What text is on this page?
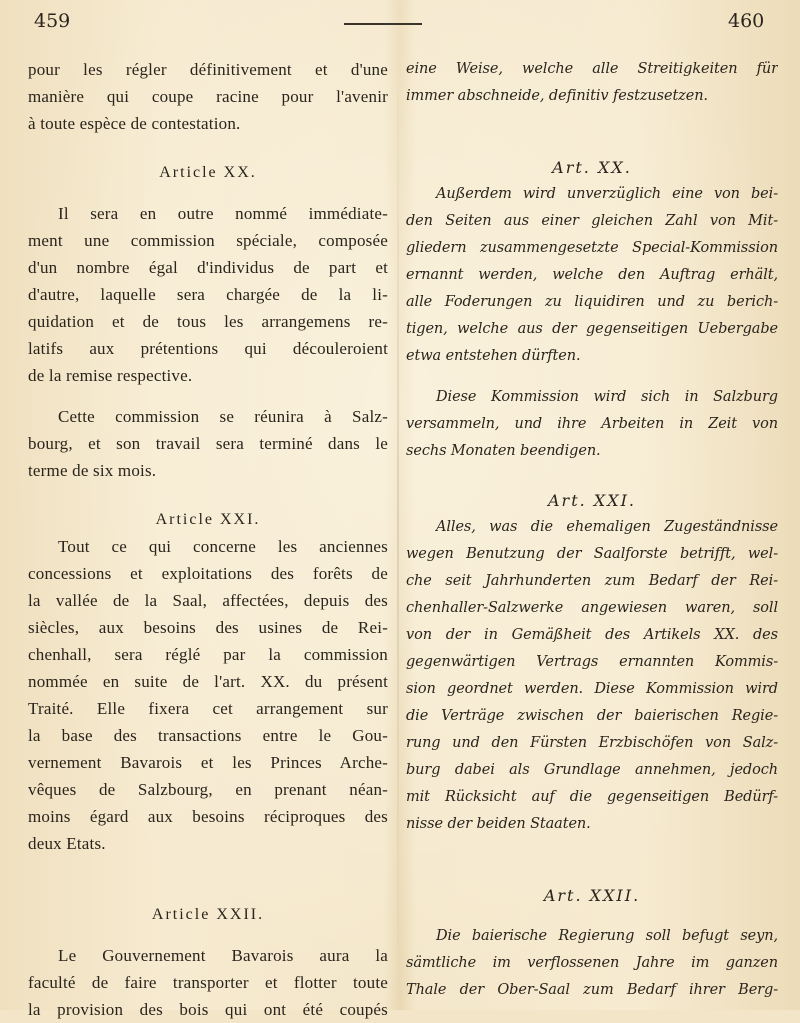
459	460
pour les régler définitivement et d'une
manière qui coupe racine pour l'avenir
à toute espèce de contestation.
Article XX.
Il sera en outre nommé immédiate-
ment une commission spéciale, composée
d'un nombre égal d'individus de part et
d'autre, laquelle sera chargée de la li-
quidation et de tous les arrangemens re-
latifs aux prétentions qui découleroient
de la remise respective.
Cette commission se réunira à Salz-
bourg, et son travail sera terminé dans le
terme de six mois.
Article XXI.
Tout ce qui concerne les anciennes
concessions et exploitations des forêts de
la vallée de la Saal, affectées, depuis des
siècles, aux besoins des usines de Rei-
chenhall, sera réglé par la commission
nommée en suite de l'art. XX. du présent
Traité. Elle fixera cet arrangement sur
la base des transactions entre le Gou-
vernement Bavarois et les Princes Arche-
vêques de Salzbourg, en prenant néan-
moins égard aux besoins réciproques des
deux Etats.
Article XXII.
Le Gouvernement Bavarois aura la
faculté de faire transporter et flotter toute
la provision des bois qui ont été coupés
eine Weise, welche alle Streitigkeiten für
immer abschneide, definitiv festzusetzen.
Art. XX.
Außerdem wird unverzüglich eine von bei-
den Seiten aus einer gleichen Zahl von Mit-
gliedern zusammengesetzte Special-Kommission
ernannt werden, welche den Auftrag erhält,
alle Foderungen zu liquidiren und zu berich-
tigen, welche aus der gegenseitigen Uebergabe
etwa entstehen dürften.
Diese Kommission wird sich in Salzburg
versammeln, und ihre Arbeiten in Zeit von
sechs Monaten beendigen.
Art. XXI.
Alles, was die ehemaligen Zugeständnisse
wegen Benutzung der Saalforste betrifft, wel-
che seit Jahrhunderten zum Bedarf der Rei-
chenhaller-Salzwerke angewiesen waren, soll
von der in Gemäßheit des Artikels XX. des
gegenwärtigen Vertrags ernannten Kommis-
sion geordnet werden. Diese Kommission wird
die Verträge zwischen der baierischen Regie-
rung und den Fürsten Erzbischöfen von Salz-
burg dabei als Grundlage annehmen, jedoch
mit Rücksicht auf die gegenseitigen Bedürf-
nisse der beiden Staaten.
Art. XXII.
Die baierische Regierung soll befugt seyn,
sämtliche im verflossenen Jahre im ganzen
Thale der Ober-Saal zum Bedarf ihrer Berg-
